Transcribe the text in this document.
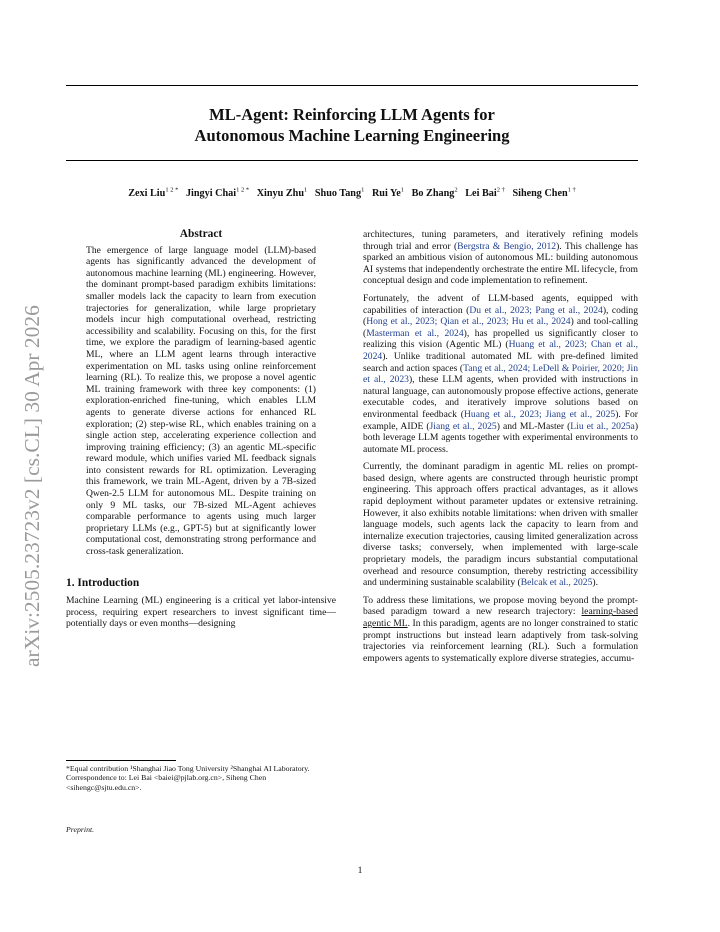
arXiv:2505.23723v2 [cs.CL] 30 Apr 2026
ML-Agent: Reinforcing LLM Agents for
Autonomous Machine Learning Engineering
Zexi Liu$^{1 2 *}$ Jingyi Chai$^{1 2 *}$ Xinyu Zhu$^1$ Shuo Tang$^1$ Rui Ye$^1$ Bo Zhang$^2$ Lei Bai$^{2 \dagger}$ Siheng Chen$^{1 \dagger}$
Abstract
The emergence of large language model (LLM)-based agents has significantly advanced the development of autonomous machine learning (ML) engineering. However, the dominant prompt-based paradigm exhibits limitations: smaller models lack the capacity to learn from execution trajectories for generalization, while large proprietary models incur high computational overhead, restricting accessibility and scalability. Focusing on this, for the first time, we explore the paradigm of learning-based agentic ML, where an LLM agent learns through interactive experimentation on ML tasks using online reinforcement learning (RL). To realize this, we propose a novel agentic ML training framework with three key components: (1) exploration-enriched fine-tuning, which enables LLM agents to generate diverse actions for enhanced RL exploration; (2) step-wise RL, which enables training on a single action step, accelerating experience collection and improving training efficiency; (3) an agentic ML-specific reward module, which unifies varied ML feedback signals into consistent rewards for RL optimization. Leveraging this framework, we train ML-Agent, driven by a 7B-sized Qwen-2.5 LLM for autonomous ML. Despite training on only 9 ML tasks, our 7B-sized ML-Agent achieves comparable performance to agents using much larger proprietary LLMs (e.g., GPT-5) but at significantly lower computational cost, demonstrating strong performance and cross-task generalization.
1. Introduction

Machine Learning (ML) engineering is a critical yet labor-intensive process, requiring expert researchers to invest significant time—potentially days or even months—designing

*Equal contribution ¹Shanghai Jiao Tong University ²Shanghai AI Laboratory. Correspondence to: Lei Bai <baiei@pjlab.org.cn>, Siheng Chen <sihengc@sjtu.edu.cn>.
Preprint.

architectures, tuning parameters, and iteratively refining models through trial and error (Bergstra & Bengio, 2012). This challenge has sparked an ambitious vision of autonomous ML: building autonomous AI systems that independently orchestrate the entire ML lifecycle, from conceptual design and code implementation to refinement.

Fortunately, the advent of LLM-based agents, equipped with capabilities of interaction (Du et al., 2023; Pang et al., 2024), coding (Hong et al., 2023; Qian et al., 2023; Hu et al., 2024) and tool-calling (Masterman et al., 2024), has propelled us significantly closer to realizing this vision (Agentic ML) (Huang et al., 2023; Chan et al., 2024). Unlike traditional automated ML with pre-defined limited search and action spaces (Tang et al., 2024; LeDell & Poirier, 2020; Jin et al., 2023), these LLM agents, when provided with instructions in natural language, can autonomously propose effective actions, generate executable codes, and iteratively improve solutions based on environmental feedback (Huang et al., 2023; Jiang et al., 2025). For example, AIDE (Jiang et al., 2025) and ML-Master (Liu et al., 2025a) both leverage LLM agents together with experimental environments to automate ML process.

Currently, the dominant paradigm in agentic ML relies on prompt-based design, where agents are constructed through heuristic prompt engineering. This approach offers practical advantages, as it allows rapid deployment without parameter updates or extensive retraining. However, it also exhibits notable limitations: when driven with smaller language models, such agents lack the capacity to learn from and internalize execution trajectories, causing limited generalization across diverse tasks; conversely, when implemented with large-scale proprietary models, the paradigm incurs substantial computational overhead and resource consumption, thereby restricting accessibility and undermining sustainable scalability (Belcak et al., 2025).

To address these limitations, we propose moving beyond the prompt-based paradigm toward a new research trajectory: learning-based agentic ML. In this paradigm, agents are no longer constrained to static prompt instructions but instead learn adaptively from task-solving trajectories via reinforcement learning (RL). Such a formulation empowers agents to systematically explore diverse strategies, accumu-

1
